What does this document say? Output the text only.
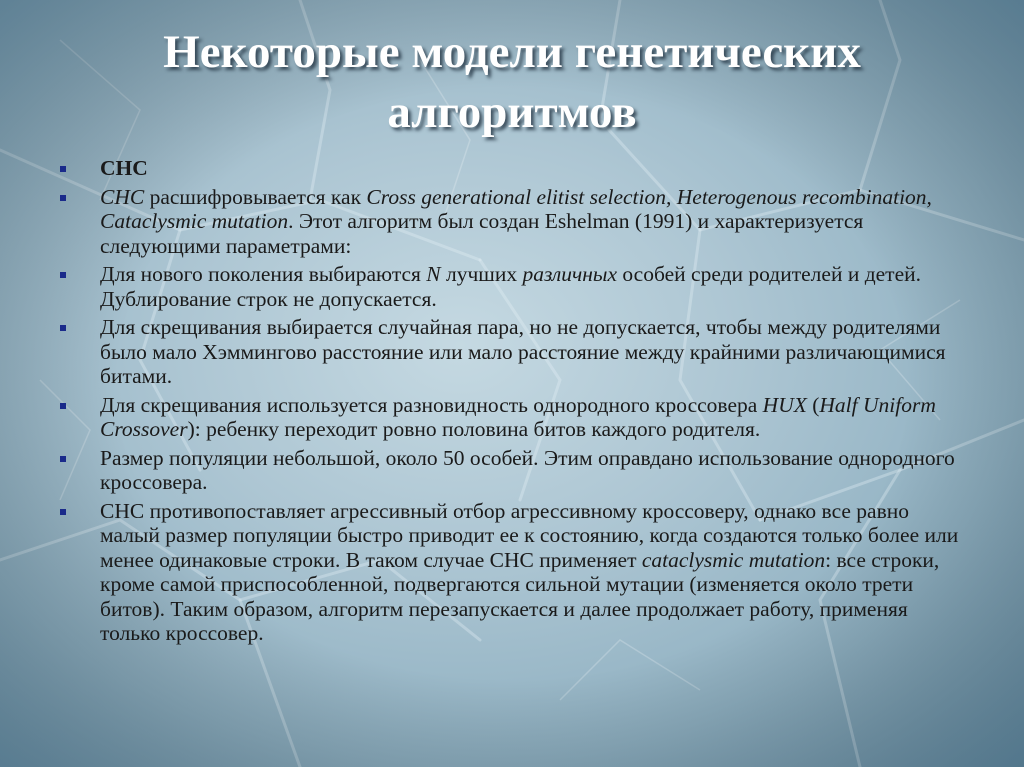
Некоторые модели генетических алгоритмов
CHC
CHC расшифровывается как Cross generational elitist selection, Heterogenous recombination, Cataclysmic mutation. Этот алгоритм был создан Eshelman (1991) и характеризуется следующими параметрами:
Для нового поколения выбираются N лучших различных особей среди родителей и детей. Дублирование строк не допускается.
Для скрещивания выбирается случайная пара, но не допускается, чтобы между родителями было мало Хэммингово расстояние или мало расстояние между крайними различающимися битами.
Для скрещивания используется разновидность однородного кроссовера HUX (Half Uniform Crossover): ребенку переходит ровно половина битов каждого родителя.
Размер популяции небольшой, около 50 особей. Этим оправдано использование однородного кроссовера.
CHC противопоставляет агрессивный отбор агрессивному кроссоверу, однако все равно малый размер популяции быстро приводит ее к состоянию, когда создаются только более или менее одинаковые строки. В таком случае CHC применяет cataclysmic mutation: все строки, кроме самой приспособленной, подвергаются сильной мутации (изменяется около трети битов). Таким образом, алгоритм перезапускается и далее продолжает работу, применяя только кроссовер.
